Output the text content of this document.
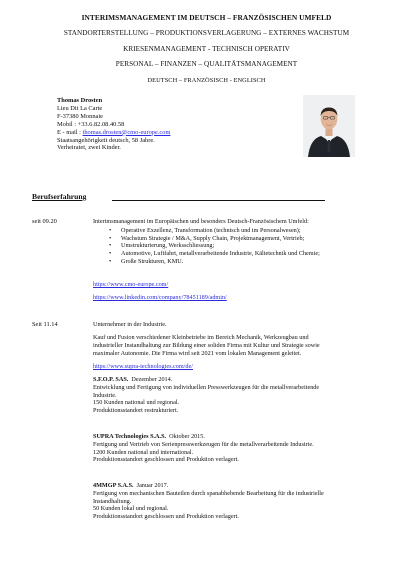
INTERIMSMANAGEMENT IM DEUTSCH – FRANZÖSISCHEN UMFELD
STANDORTERSTELLUNG – PRODUKTIONSVERLAGERUNG – EXTERNES WACHSTUM
KRIESENMANAGEMENT - TECHNISCH OPERATIV
PERSONAL – FINANZEN – QUALITÄTSMANAGEMENT
DEUTSCH – FRANZÖSISCH - ENGLISCH
Thomas Drosten
Lieu Dit La Carte
F-37380 Monnaie
Mobil : +33.6.82.08.40.58
E - mail : thomas.drosten@cmo-europe.com
Staatsangehörigkeit deutsch, 58 Jahre.
Verheiratet, zwei Kinder.
Berufserfahrung
seit 09.20	Interimsmanagement im Europäischen und besonders Deutsch-Französischem Umfeld:
• Operative Exzellenz, Transformation (technisch und im Personalwesen);
• Wachstum Strategie / M&A, Supply Chain, Projektmanagement, Vertrieb;
• Umstrukturierung, Werksschliessung;
• Automotive, Luftfahrt, metallverarbeitende Industrie, Kältetechnik und Chemie;
• Große Strukturen, KMU.
https://www.cmo-europe.com/
https://www.linkedin.com/company/78451189/admin/
Seit 11.14	Unternehmer in der Industrie.
Kauf und Fusion verschiedener Kleinbetriebe im Bereich Mechanik, Werkzeugbau und
industrieller Instandhaltung zur Bildung einer soliden Firma mit Kultur und Strategie sowie
maximaler Autonomie. Die Firma wird seit 2021 vom lokalen Management geleitet.
https://www.supra-technologies.com/de/
S.F.O.P. SAS. Dezember 2014.
Entwicklung und Fertigung von individuellen Presswerkzeugen für die metallverarbeitende
Industrie.
150 Kunden national und regional.
Produktionsstandort restrukturiert.
SUPRA Technologies S.A.S. Oktober 2015.
Fertigung und Vertrieb von Serienpresswerkzeugen für die metallverarbeitende Industrie.
1200 Kunden national und international.
Produktionsstandort geschlossen und Produktion verlagert.
4MMGP S.A.S. Januar 2017.
Fertigung von mechanischen Bauteilen durch spanabhebende Bearbeitung für die industrielle
Instandhaltung.
50 Kunden lokal und regional.
Produktionsstandort geschlossen und Produktion verlagert.
